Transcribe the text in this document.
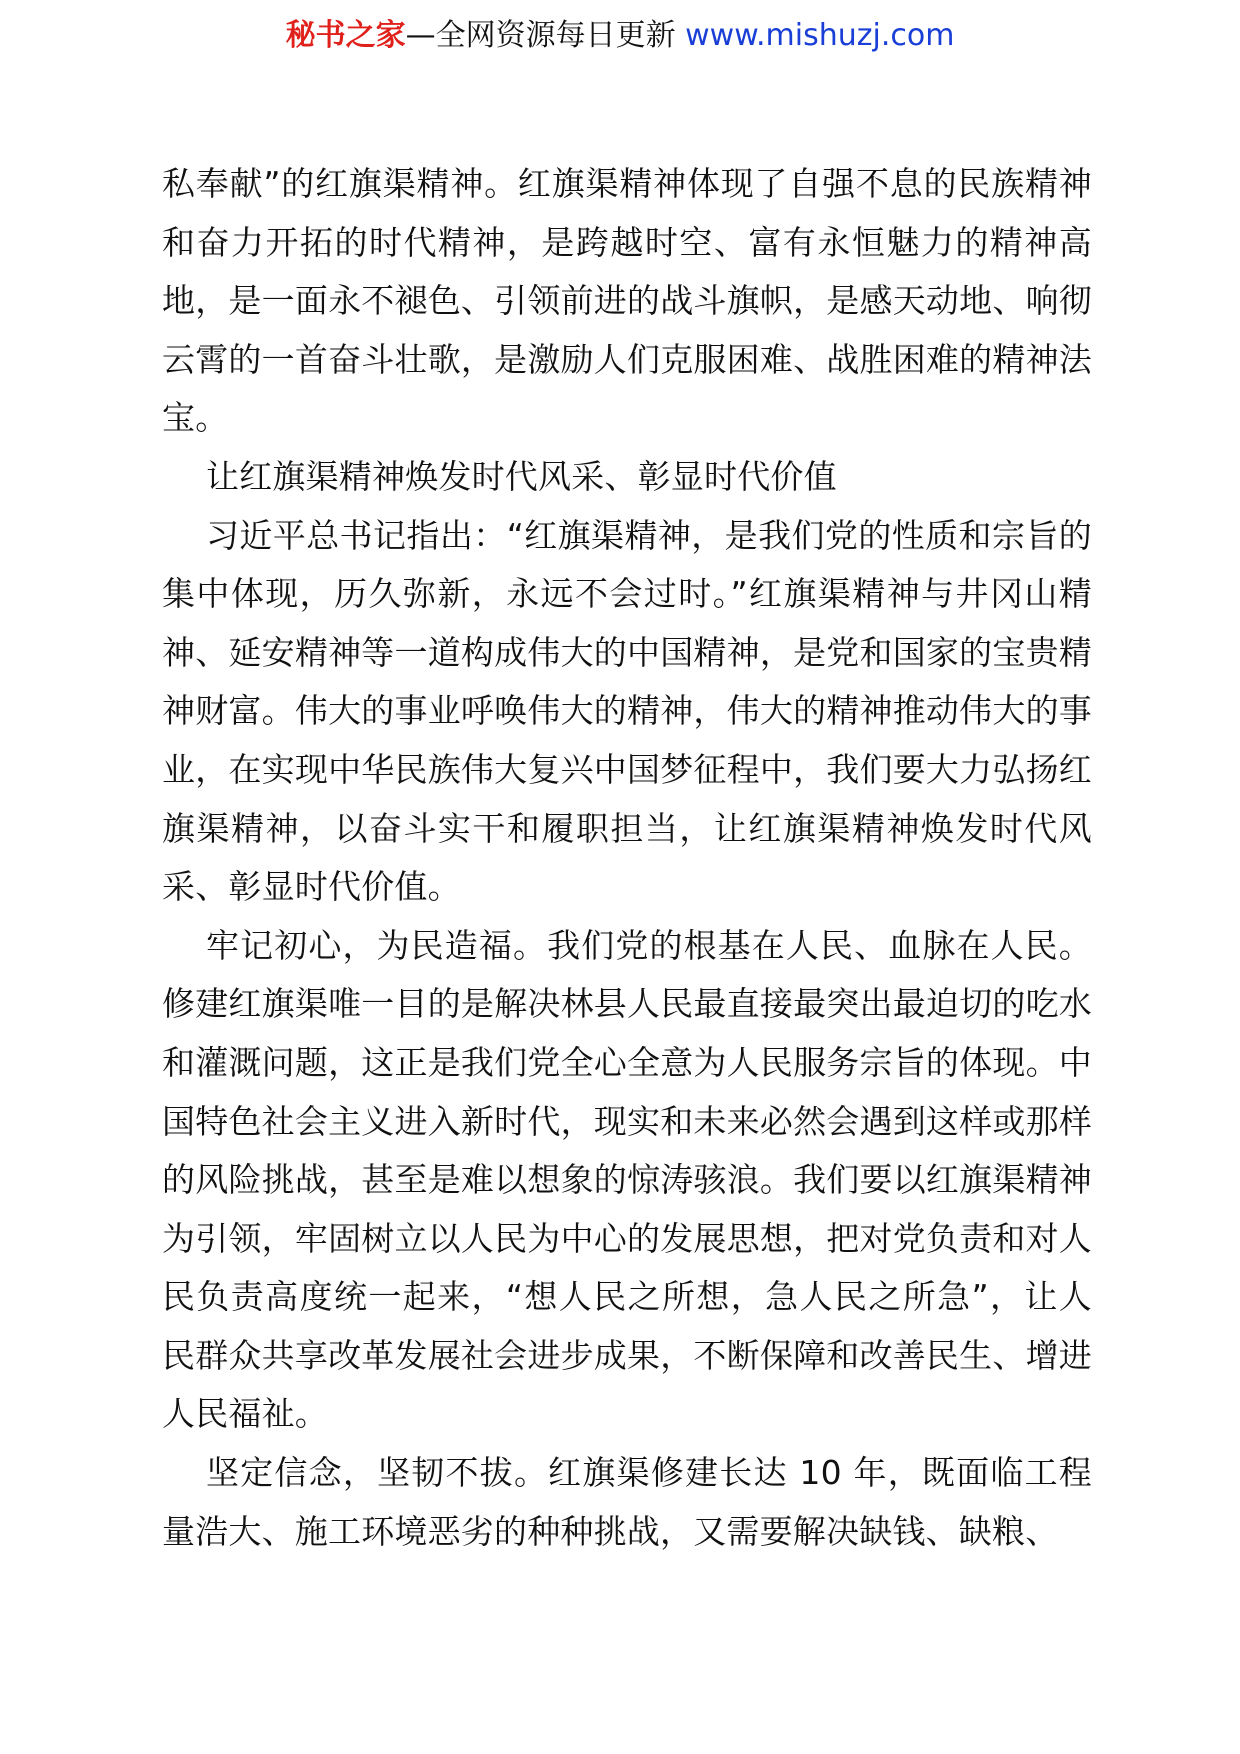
秘书之家—全网资源每日更新 www.mishuzj.com

私奉献”的红旗渠精神。红旗渠精神体现了自强不息的民族精神和奋力开拓的时代精神，是跨越时空、富有永恒魅力的精神高地，是一面永不褪色、引领前进的战斗旗帜，是感天动地、响彻云霄的一首奋斗壮歌，是激励人们克服困难、战胜困难的精神法宝。

让红旗渠精神焕发时代风采、彰显时代价值

习近平总书记指出：“红旗渠精神，是我们党的性质和宗旨的集中体现，历久弥新，永远不会过时。”红旗渠精神与井冈山精神、延安精神等一道构成伟大的中国精神，是党和国家的宝贵精神财富。伟大的事业呼唤伟大的精神，伟大的精神推动伟大的事业，在实现中华民族伟大复兴中国梦征程中，我们要大力弘扬红旗渠精神，以奋斗实干和履职担当，让红旗渠精神焕发时代风采、彰显时代价值。

牢记初心，为民造福。我们党的根基在人民、血脉在人民。修建红旗渠唯一目的是解决林县人民最直接最突出最迫切的吃水和灌溉问题，这正是我们党全心全意为人民服务宗旨的体现。中国特色社会主义进入新时代，现实和未来必然会遇到这样或那样的风险挑战，甚至是难以想象的惊涛骇浪。我们要以红旗渠精神为引领，牢固树立以人民为中心的发展思想，把对党负责和对人民负责高度统一起来，“想人民之所想，急人民之所急”，让人民群众共享改革发展社会进步成果，不断保障和改善民生、增进人民福祉。

坚定信念，坚韧不拔。红旗渠修建长达 10 年，既面临工程量浩大、施工环境恶劣的种种挑战，又需要解决缺钱、缺粮、
